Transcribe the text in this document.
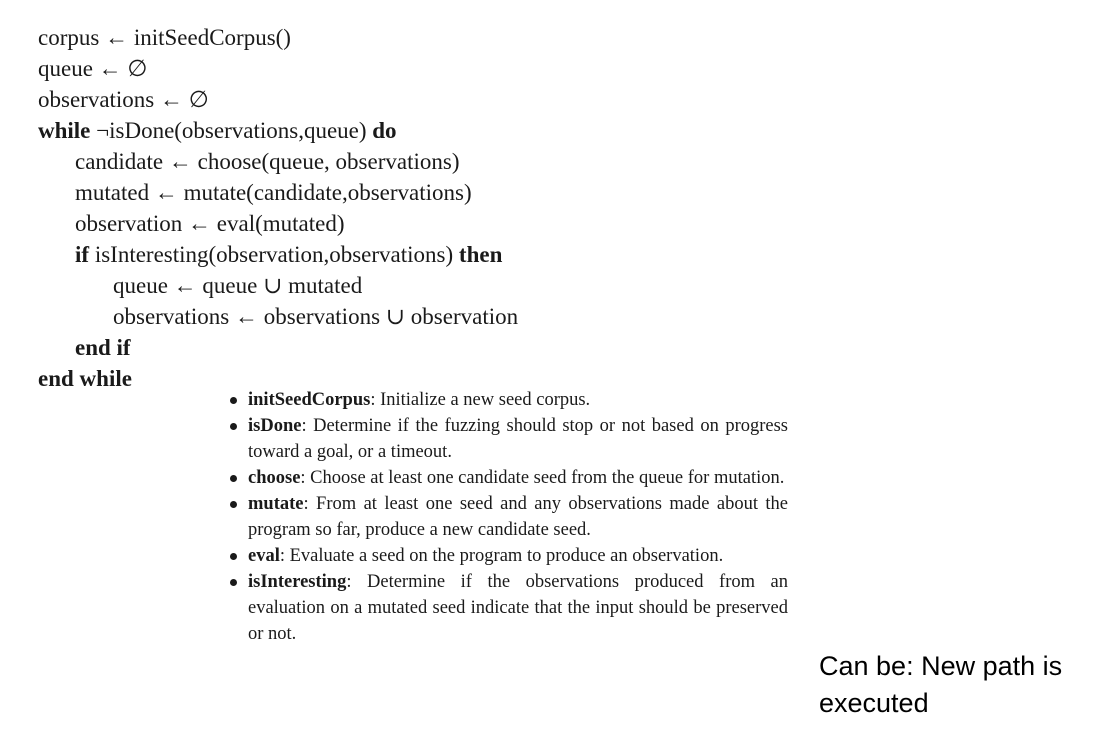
corpus ← initSeedCorpus()
queue ← ∅
observations ← ∅
while ¬isDone(observations,queue) do
candidate ← choose(queue, observations)
mutated ← mutate(candidate,observations)
observation ← eval(mutated)
if isInteresting(observation,observations) then
queue ← queue ∪ mutated
observations ← observations ∪ observation
end if
end while
initSeedCorpus: Initialize a new seed corpus.
isDone: Determine if the fuzzing should stop or not based on progress toward a goal, or a timeout.
choose: Choose at least one candidate seed from the queue for mutation.
mutate: From at least one seed and any observations made about the program so far, produce a new candidate seed.
eval: Evaluate a seed on the program to produce an observation.
isInteresting: Determine if the observations produced from an evaluation on a mutated seed indicate that the input should be preserved or not.
Can be: New path is
executed
